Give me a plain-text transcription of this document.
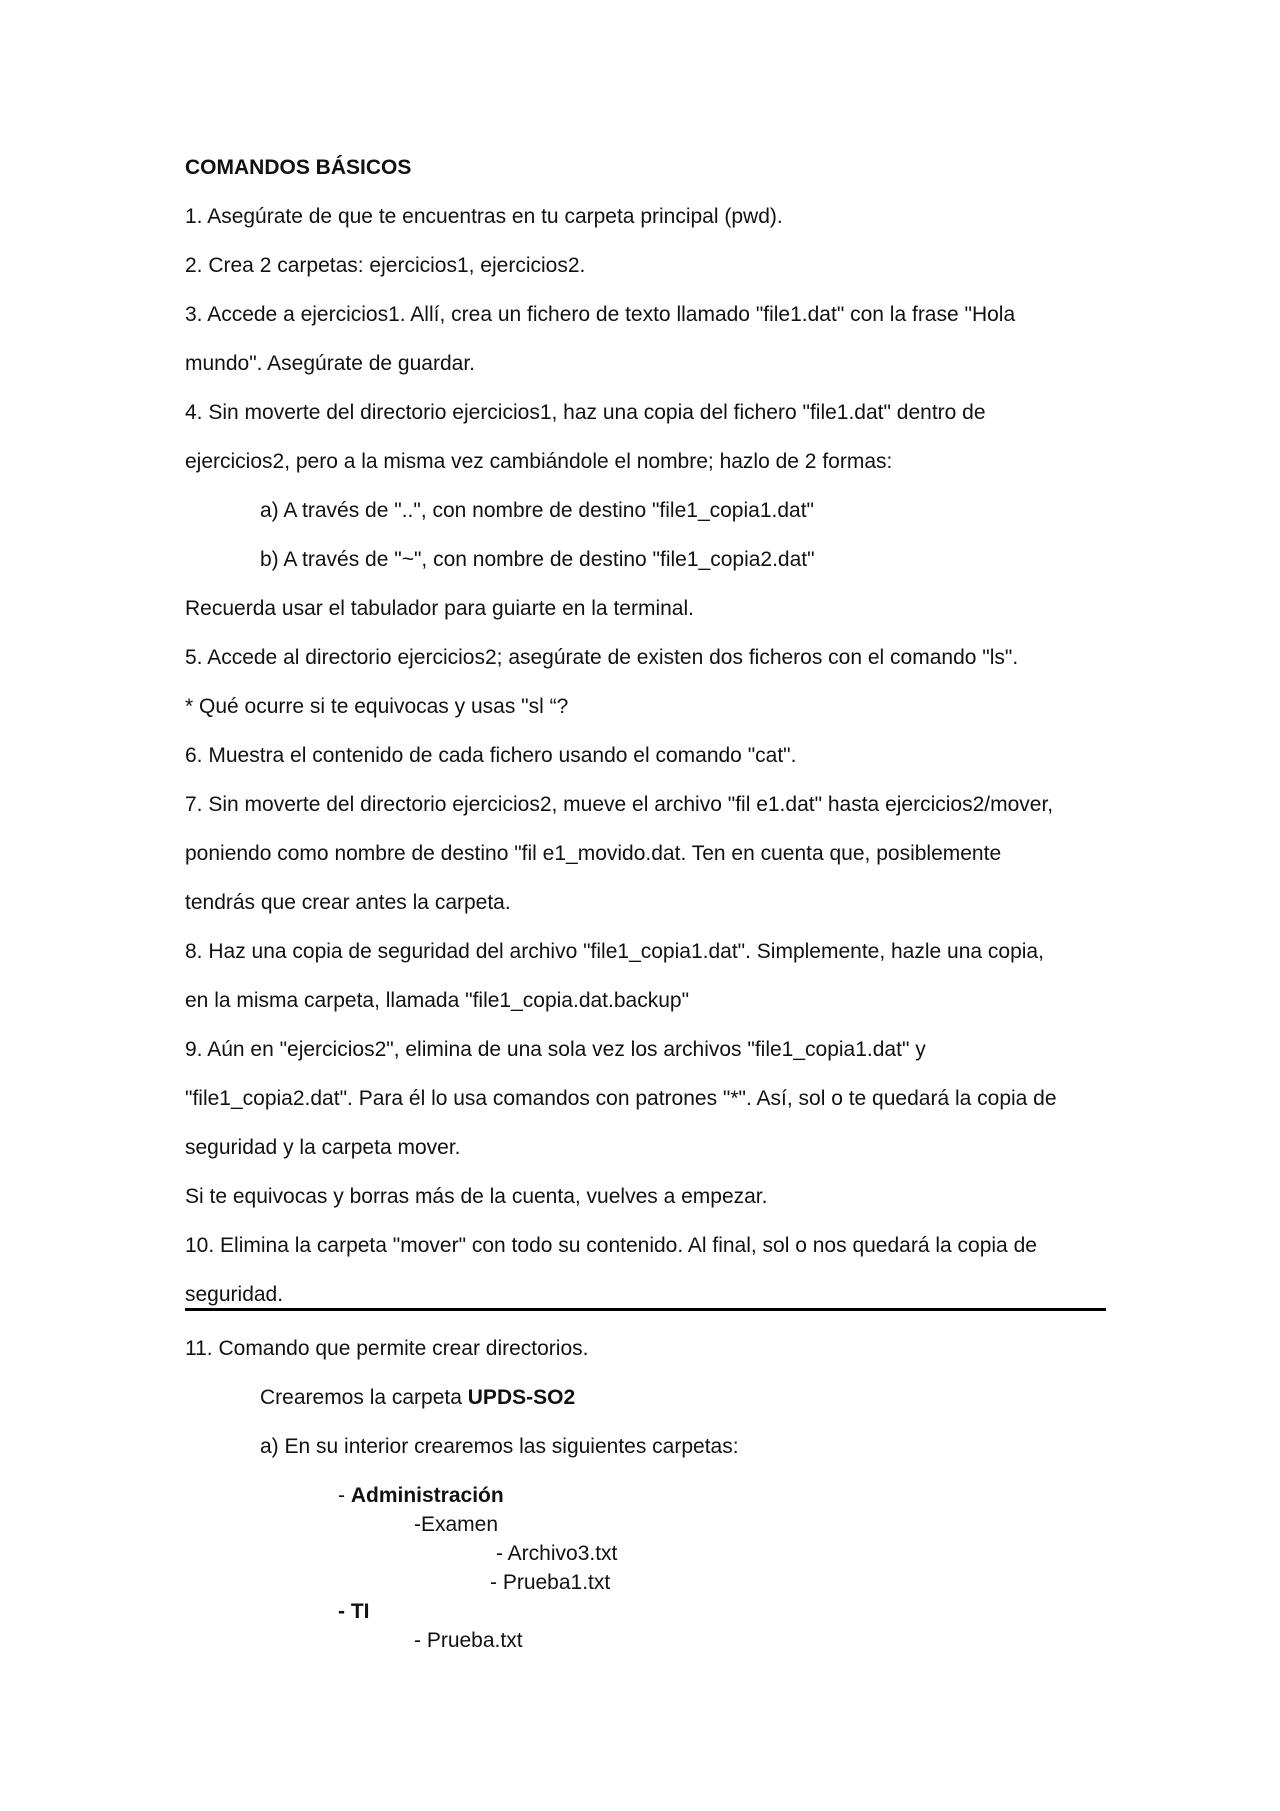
COMANDOS BÁSICOS
1. Asegúrate de que te encuentras en tu carpeta principal (pwd).
2. Crea 2 carpetas: ejercicios1, ejercicios2.
3. Accede a ejercicios1. Allí, crea un fichero de texto llamado "file1.dat" con la frase "Hola
mundo". Asegúrate de guardar.
4. Sin moverte del directorio ejercicios1, haz una copia del fichero "file1.dat" dentro de
ejercicios2, pero a la misma vez cambiándole el nombre; hazlo de 2 formas:
a) A través de "..", con nombre de destino "file1_copia1.dat"
b) A través de "~", con nombre de destino "file1_copia2.dat"
Recuerda usar el tabulador para guiarte en la terminal.
5. Accede al directorio ejercicios2; asegúrate de existen dos ficheros con el comando "ls".
* Qué ocurre si te equivocas y usas "sl “?
6. Muestra el contenido de cada fichero usando el comando "cat".
7. Sin moverte del directorio ejercicios2, mueve el archivo "fil e1.dat" hasta ejercicios2/mover,
poniendo como nombre de destino "fil e1_movido.dat. Ten en cuenta que, posiblemente
tendrás que crear antes la carpeta.
8. Haz una copia de seguridad del archivo "file1_copia1.dat". Simplemente, hazle una copia,
en la misma carpeta, llamada "file1_copia.dat.backup"
9. Aún en "ejercicios2", elimina de una sola vez los archivos "file1_copia1.dat" y
"file1_copia2.dat". Para él lo usa comandos con patrones "*". Así, sol o te quedará la copia de
seguridad y la carpeta mover.
Si te equivocas y borras más de la cuenta, vuelves a empezar.
10. Elimina la carpeta "mover" con todo su contenido. Al final, sol o nos quedará la copia de
seguridad.
11. Comando que permite crear directorios.
Crearemos la carpeta UPDS-SO2
a) En su interior crearemos las siguientes carpetas:
- Administración
-Examen
- Archivo3.txt
- Prueba1.txt
- TI
- Prueba.txt
